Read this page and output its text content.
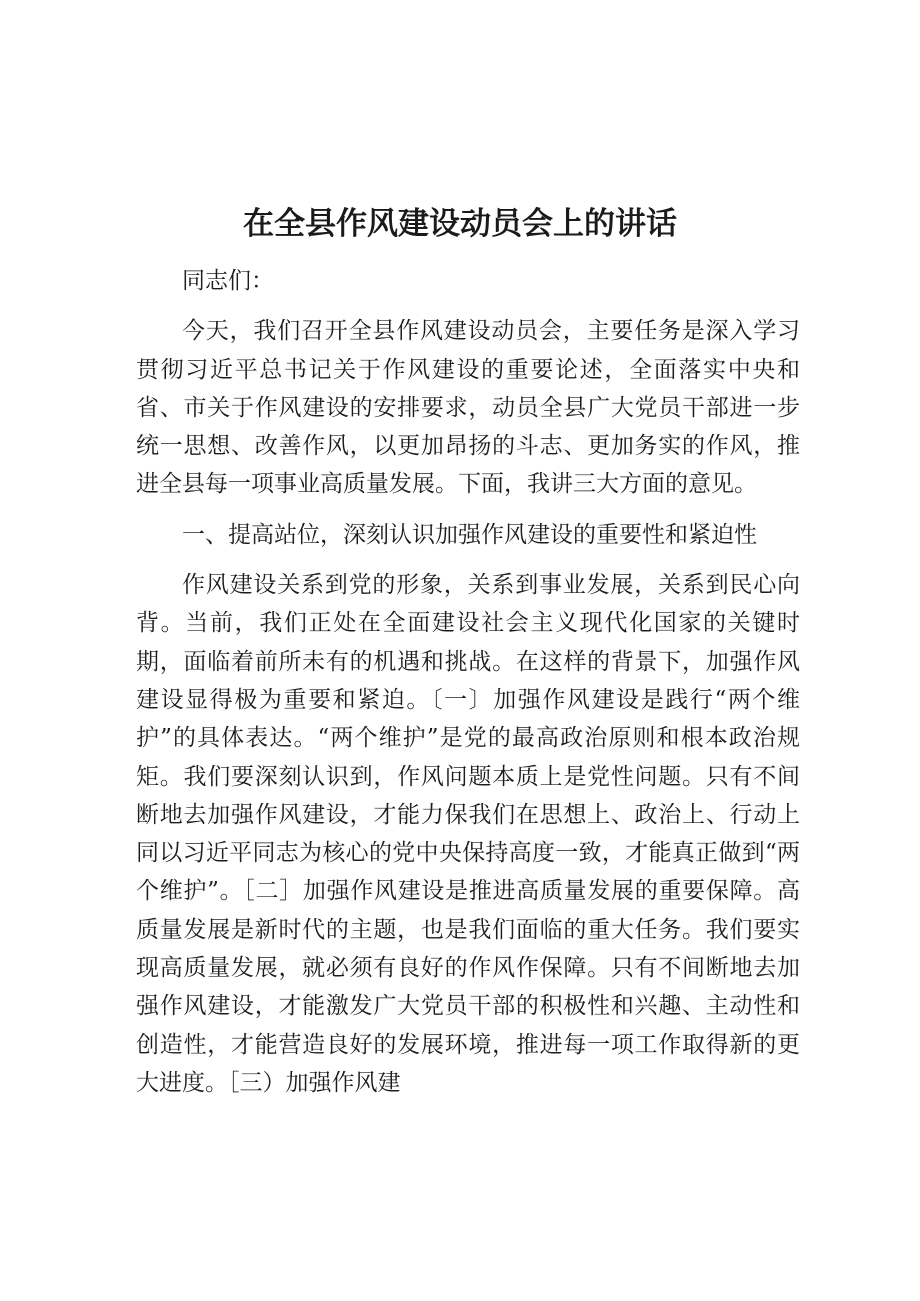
在全县作风建设动员会上的讲话

同志们：

今天，我们召开全县作风建设动员会，主要任务是深入学习贯彻习近平总书记关于作风建设的重要论述，全面落实中央和省、市关于作风建设的安排要求，动员全县广大党员干部进一步统一思想、改善作风，以更加昂扬的斗志、更加务实的作风，推进全县每一项事业高质量发展。下面，我讲三大方面的意见。

一、提高站位，深刻认识加强作风建设的重要性和紧迫性

作风建设关系到党的形象，关系到事业发展，关系到民心向背。当前，我们正处在全面建设社会主义现代化国家的关键时期，面临着前所未有的机遇和挑战。在这样的背景下，加强作风建设显得极为重要和紧迫。〔一〕加强作风建设是践行“两个维护”的具体表达。“两个维护”是党的最高政治原则和根本政治规矩。我们要深刻认识到，作风问题本质上是党性问题。只有不间断地去加强作风建设，才能力保我们在思想上、政治上、行动上同以习近平同志为核心的党中央保持高度一致，才能真正做到“两个维护”。［二］加强作风建设是推进高质量发展的重要保障。高质量发展是新时代的主题，也是我们面临的重大任务。我们要实现高质量发展，就必须有良好的作风作保障。只有不间断地去加强作风建设，才能激发广大党员干部的积极性和兴趣、主动性和创造性，才能营造良好的发展环境，推进每一项工作取得新的更大进度。［三）加强作风建
